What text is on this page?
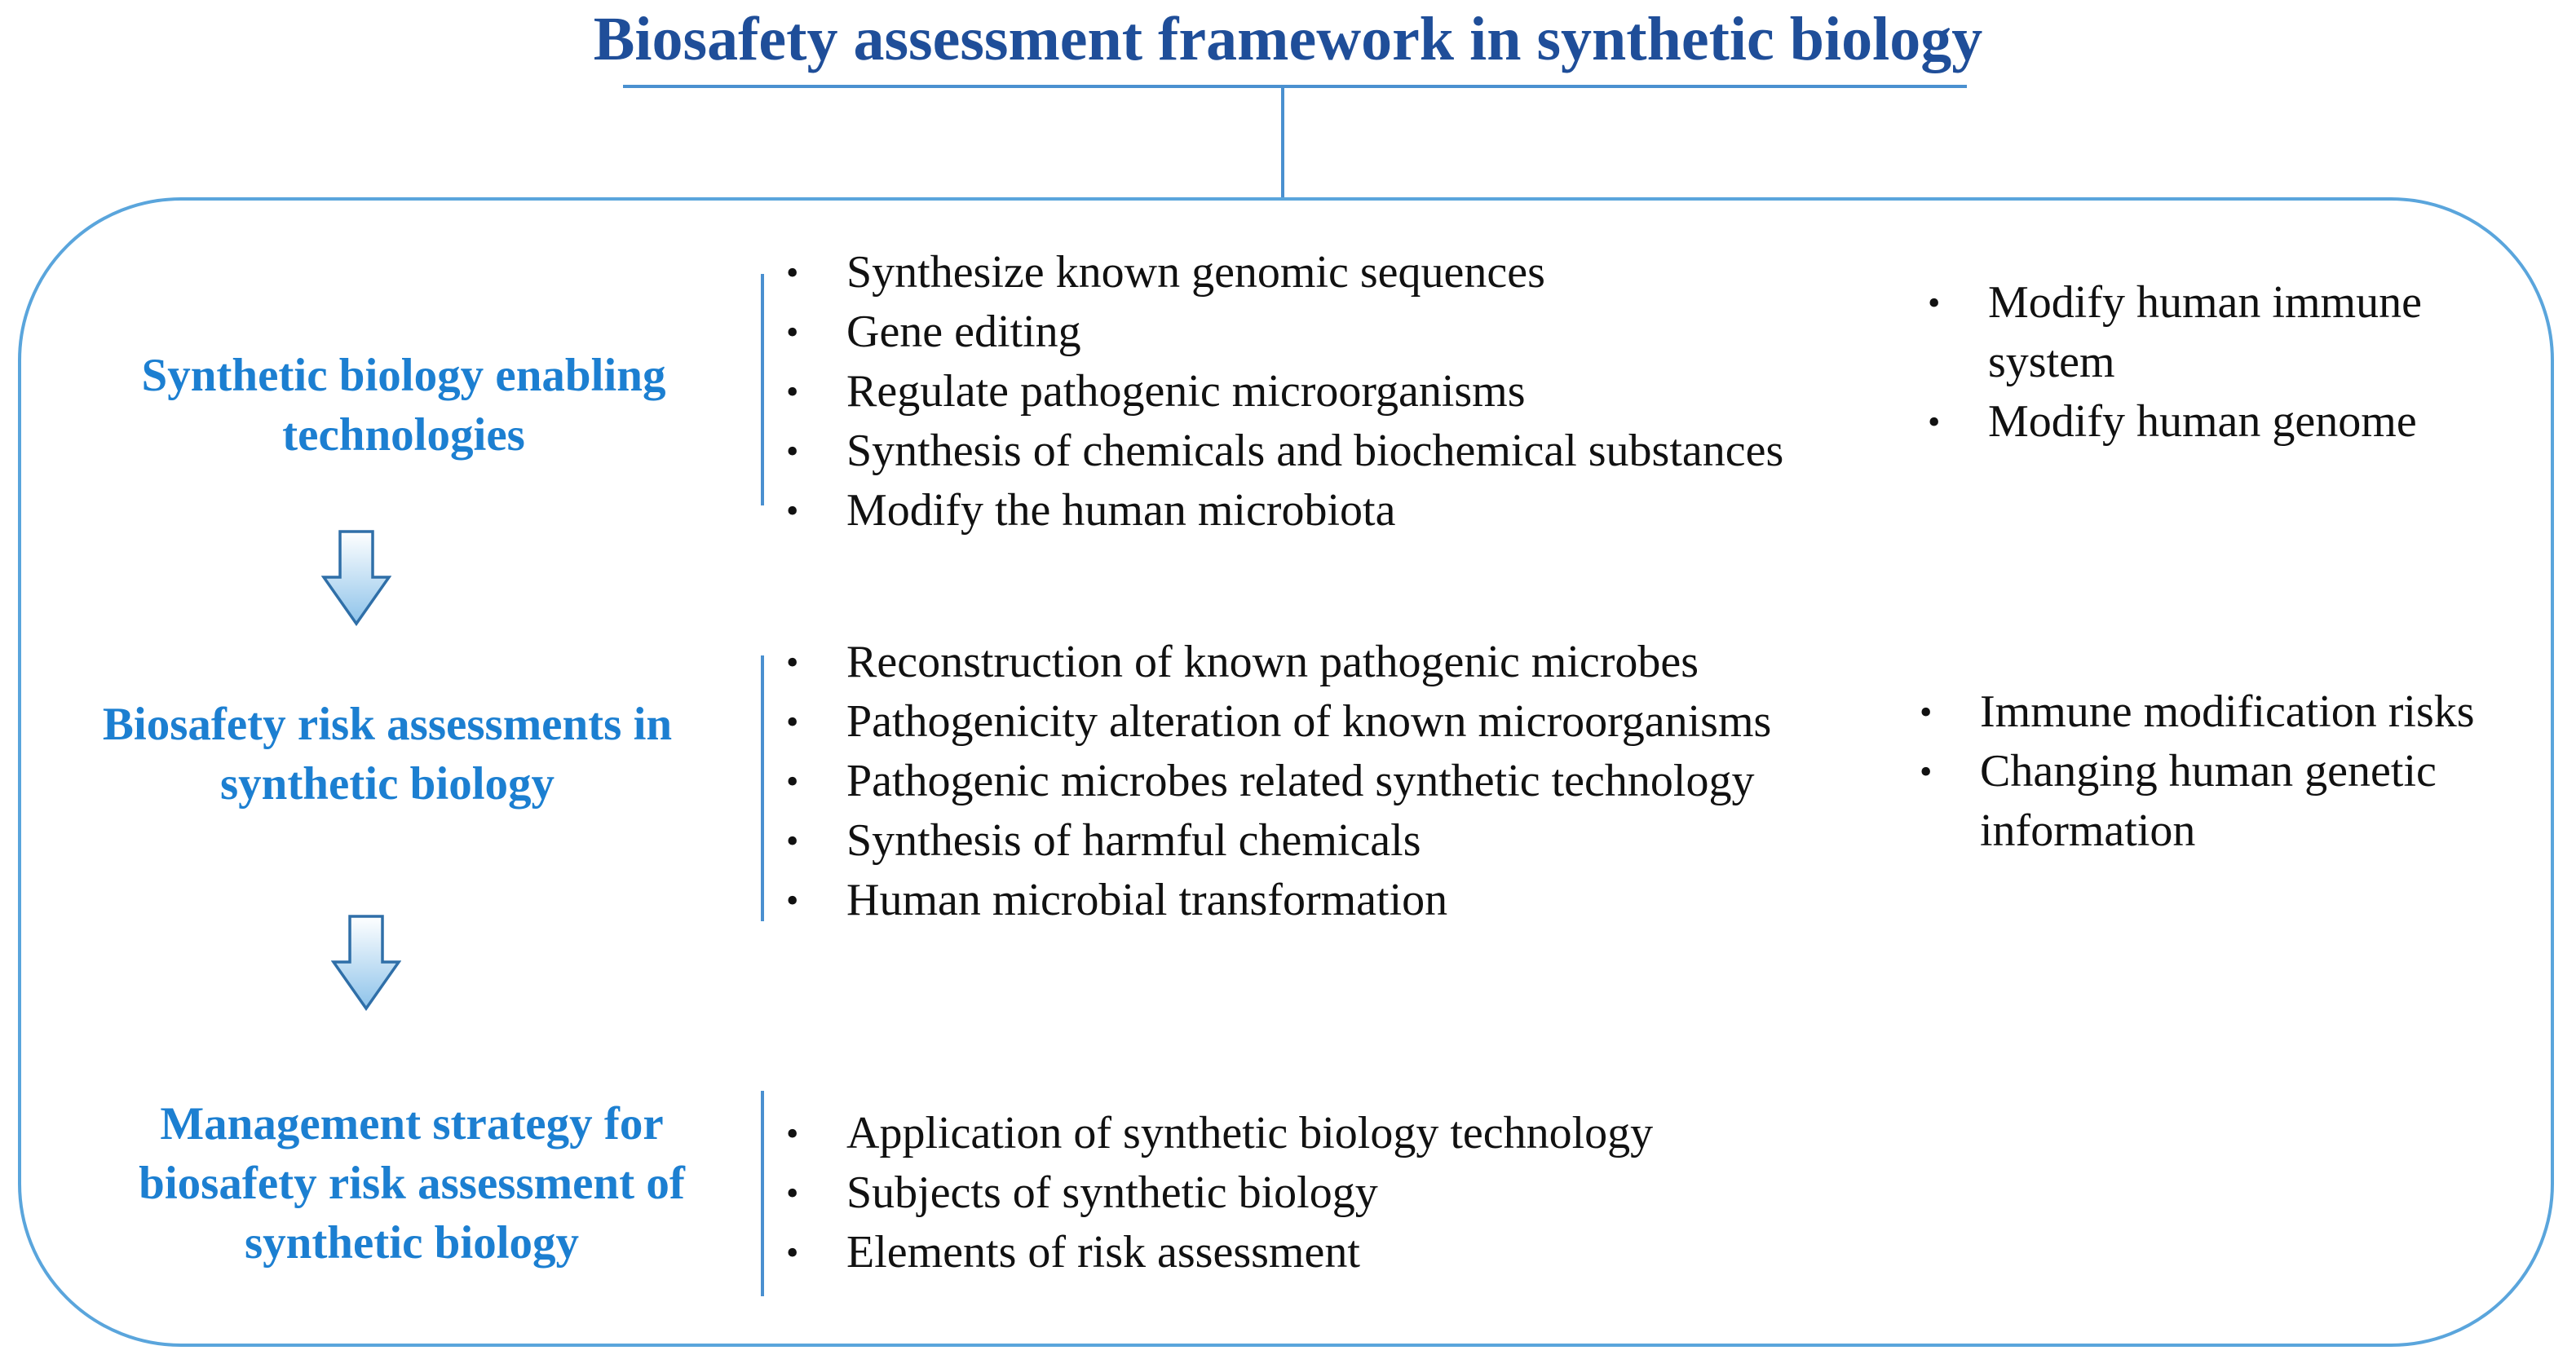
Biosafety assessment framework in synthetic biology
Synthetic biology enabling
technologies
• Synthesize known genomic sequences
• Gene editing
• Regulate pathogenic microorganisms
• Synthesis of chemicals and biochemical substances
• Modify the human microbiota
• Modify human immune system
• Modify human genome
Biosafety risk assessments in
synthetic biology
• Reconstruction of known pathogenic microbes
• Pathogenicity alteration of known microorganisms
• Pathogenic microbes related synthetic technology
• Synthesis of harmful chemicals
• Human microbial transformation
• Immune modification risks
• Changing human genetic information
Management strategy for
biosafety risk assessment of
synthetic biology
• Application of synthetic biology technology
• Subjects of synthetic biology
• Elements of risk assessment
